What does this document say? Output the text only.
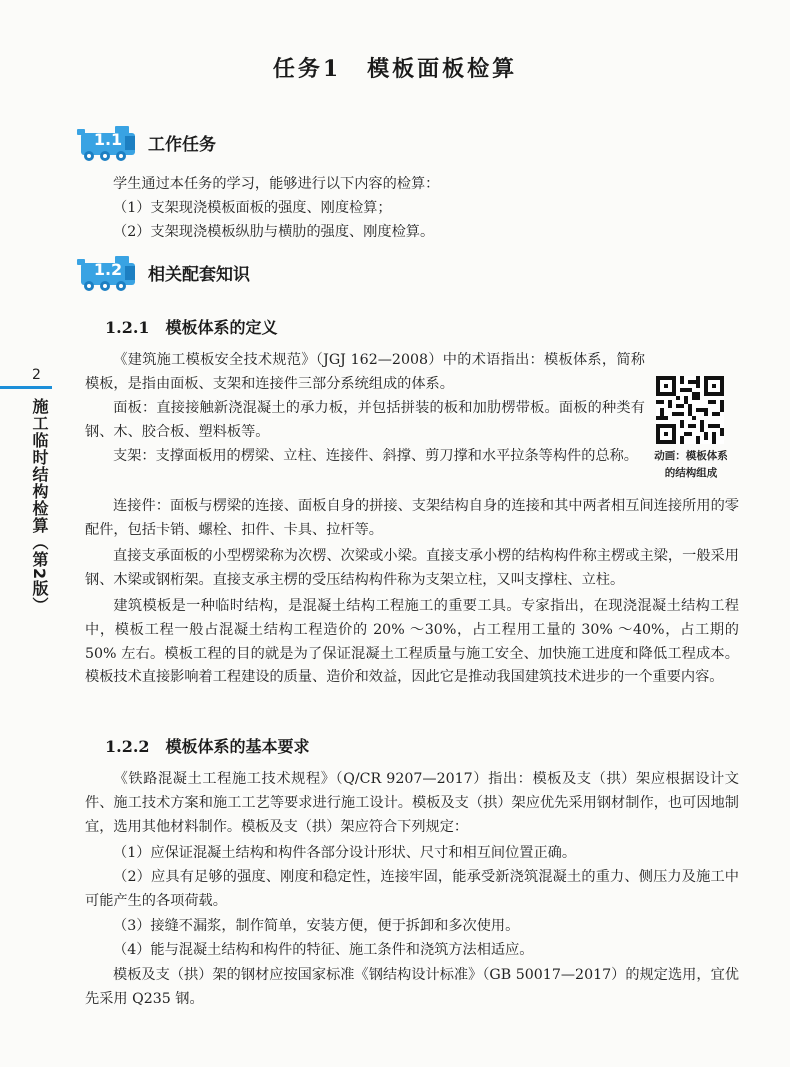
任务1 模板面板检算
1.1	工作任务

学生通过本任务的学习，能够进行以下内容的检算：

（1）支架现浇模板面板的强度、刚度检算；

（2）支架现浇模板纵肋与横肋的强度、刚度检算。

1.2	相关配套知识
1.2.1 模板体系的定义

《建筑施工模板安全技术规范》（JGJ 162—2008）中的术语指出：模板体系，简称模板，是指由面板、支架和连接件三部分系统组成的体系。

面板：直接接触新浇混凝土的承力板，并包括拼装的板和加肋楞带板。面板的种类有钢、木、胶合板、塑料板等。

支架：支撑面板用的楞梁、立柱、连接件、斜撑、剪刀撑和水平拉条等构件的总称。

连接件：面板与楞梁的连接、面板自身的拼接、支架结构自身的连接和其中两者相互间连接所用的零配件，包括卡销、螺栓、扣件、卡具、拉杆等。

直接支承面板的小型楞梁称为次楞、次梁或小梁。直接支承小楞的结构构件称主楞或主梁，一般采用钢、木梁或钢桁架。直接支承主楞的受压结构构件称为支架立柱，又叫支撑柱、立柱。

建筑模板是一种临时结构，是混凝土结构工程施工的重要工具。专家指出，在现浇混凝土结构工程中，模板工程一般占混凝土结构工程造价的 20% ～30%，占工程用工量的 30% ～40%，占工期的 50% 左右。模板工程的目的就是为了保证混凝土工程质量与施工安全、加快施工进度和降低工程成本。模板技术直接影响着工程建设的质量、造价和效益，因此它是推动我国建筑技术进步的一个重要内容。

1.2.2 模板体系的基本要求

《铁路混凝土工程施工技术规程》（Q/CR 9207—2017）指出：模板及支（拱）架应根据设计文件、施工技术方案和施工工艺等要求进行施工设计。模板及支（拱）架应优先采用钢材制作，也可因地制宜，选用其他材料制作。模板及支（拱）架应符合下列规定：

（1）应保证混凝土结构和构件各部分设计形状、尺寸和相互间位置正确。

（2）应具有足够的强度、刚度和稳定性，连接牢固，能承受新浇筑混凝土的重力、侧压力及施工中可能产生的各项荷载。

（3）接缝不漏浆，制作简单，安装方便，便于拆卸和多次使用。

（4）能与混凝土结构和构件的特征、施工条件和浇筑方法相适应。

模板及支（拱）架的钢材应按国家标准《钢结构设计标准》（GB 50017—2017）的规定选用，宜优先采用 Q235 钢。

2
施工临时结构检算（第2版）	动画：模板体系的结构组成
